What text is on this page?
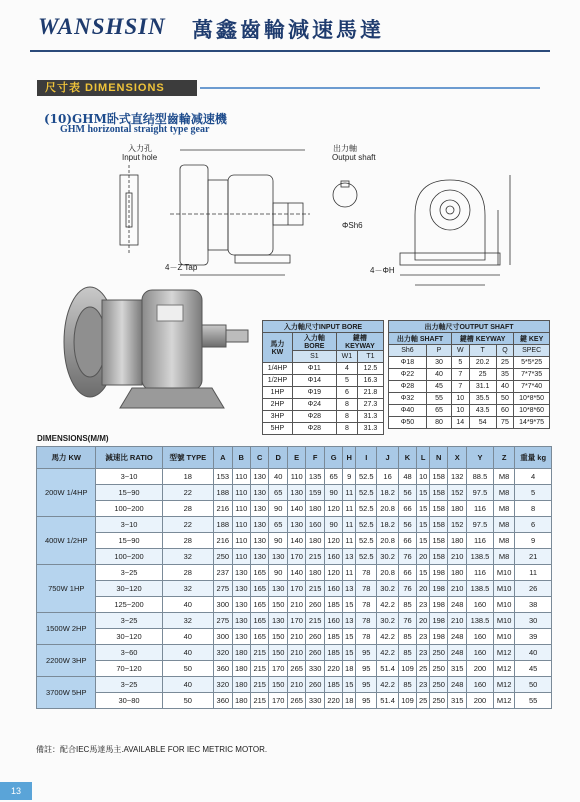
WANSHSIN 萬鑫齒輪減速馬達
尺寸表 DIMENSIONS
(10)GHM卧式直结型齒輪减速機
GHM horizontal straight type gear
入力孔
Input hole
出力軸
Output shaft
4－Z Tap	4－ΦH
ΦSh6
入力軸尺寸INPUT BORE			
馬力 KW	入力軸 BORE	鍵槽 KEYWAY	
	S1	W1	T1
1/4HP	Φ11	4	12.5
1/2HP	Φ14	5	16.3
1HP	Φ19	6	21.8
2HP	Φ24	8	27.3
3HP	Φ28	8	31.3
5HP	Φ28	8	31.3
出力軸尺寸OUTPUT SHAFT					
出力軸 SHAFT		鍵槽 KEYWAY			鍵 KEY
Sh6	P	W	T	Q	SPEC
Φ18	30	5	20.2	25	5*5*25
Φ22	40	7	25	35	7*7*35
Φ28	45	7	31.1	40	7*7*40
Φ32	55	10	35.5	50	10*8*50
Φ40	65	10	43.5	60	10*8*60
Φ50	80	14	54	75	14*9*75
DIMENSIONS(M/M)
馬力 KW	減速比 RATIO	型號 TYPE	A	B	C	D	E	F	G	H	I	J	K	L	N	X	Y	Z	重量 kg
200W 1/4HP	3~10	18	153	110	130	40	110	135	65	9	52.5	16	48	10	158	132	88.5	M8	4
	15~90	22	188	110	130	65	130	159	90	11	52.5	18.2	56	15	158	152	97.5	M8	5
	100~200	28	216	110	130	90	140	180	120	11	52.5	20.8	66	15	158	180	116	M8	8
400W 1/2HP	3~10	22	188	110	130	65	130	160	90	11	52.5	18.2	56	15	158	152	97.5	M8	6
	15~90	28	216	110	130	90	140	180	120	11	52.5	20.8	66	15	158	180	116	M8	9
	100~200	32	250	110	130	130	170	215	160	13	52.5	30.2	76	20	158	210	138.5	M8	21
750W 1HP	3~25	28	237	130	165	90	140	180	120	11	78	20.8	66	15	198	180	116	M10	11
	30~120	32	275	130	165	130	170	215	160	13	78	30.2	76	20	198	210	138.5	M10	26
	125~200	40	300	130	165	150	210	260	185	15	78	42.2	85	23	198	248	160	M10	38
1500W 2HP	3~25	32	275	130	165	130	170	215	160	13	78	30.2	76	20	198	210	138.5	M10	30
	30~120	40	300	130	165	150	210	260	185	15	78	42.2	85	23	198	248	160	M10	39
2200W 3HP	3~60	40	320	180	215	150	210	260	185	15	95	42.2	85	23	250	248	160	M12	40
	70~120	50	360	180	215	170	265	330	220	18	95	51.4	109	25	250	315	200	M12	45
3700W 5HP	3~25	40	320	180	215	150	210	260	185	15	95	42.2	85	23	250	248	160	M12	50
	30~80	50	360	180	215	170	265	330	220	18	95	51.4	109	25	250	315	200	M12	55
備註：配合IEC馬達馬主.AVAILABLE FOR IEC METRIC MOTOR.
13
